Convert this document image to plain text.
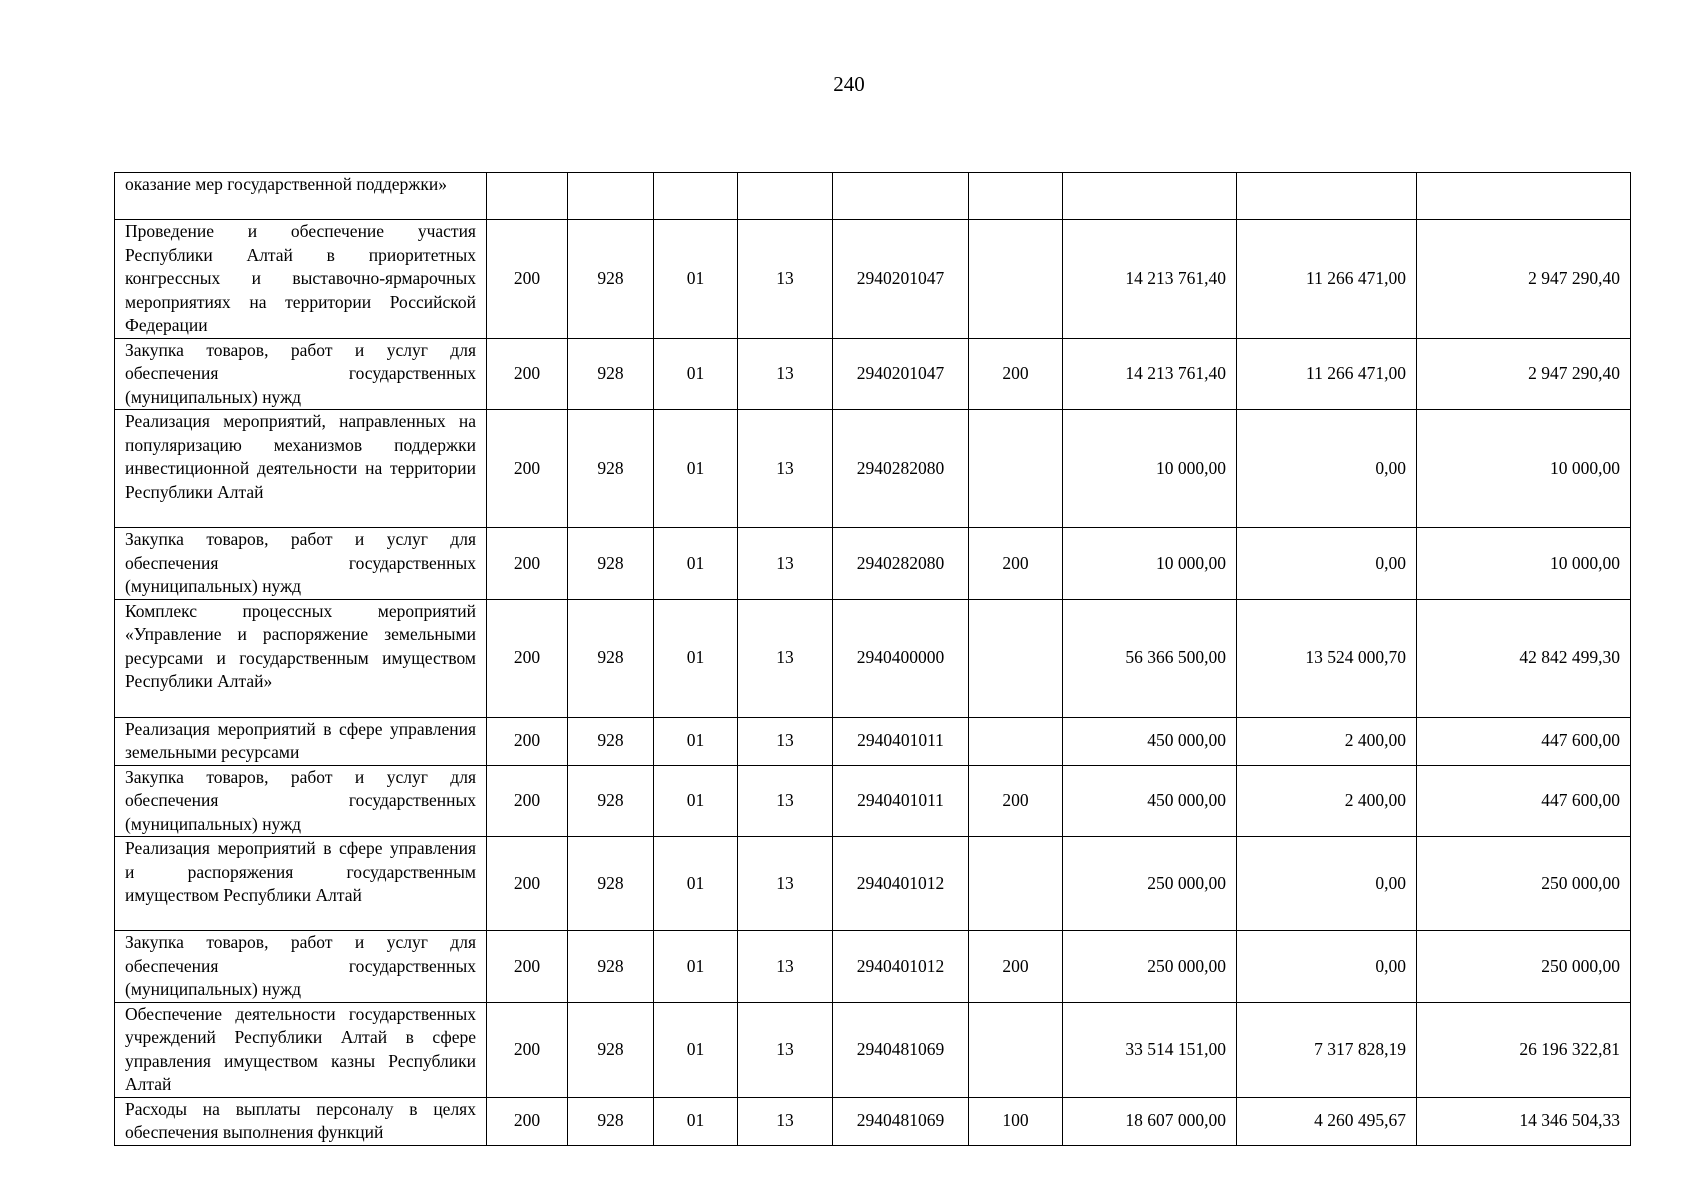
240
оказание мер государственной поддержки»									

Проведение и обеспечение участия Республики Алтай в приоритетных конгрессных и выставочно-ярмарочных мероприятиях на территории Российской Федерации	200	928	01	13	2940201047		14 213 761,40	11 266 471,00	2 947 290,40

Закупка товаров, работ и услуг для обеспечения государственных (муниципальных) нужд	200	928	01	13	2940201047	200	14 213 761,40	11 266 471,00	2 947 290,40

Реализация мероприятий, направленных на популяризацию механизмов поддержки инвестиционной деятельности на территории Республики Алтай	200	928	01	13	2940282080		10 000,00	0,00	10 000,00

Закупка товаров, работ и услуг для обеспечения государственных (муниципальных) нужд	200	928	01	13	2940282080	200	10 000,00	0,00	10 000,00

Комплекс процессных мероприятий «Управление и распоряжение земельными ресурсами и государственным имуществом Республики Алтай»	200	928	01	13	2940400000		56 366 500,00	13 524 000,70	42 842 499,30

Реализация мероприятий в сфере управления земельными ресурсами	200	928	01	13	2940401011		450 000,00	2 400,00	447 600,00

Закупка товаров, работ и услуг для обеспечения государственных (муниципальных) нужд	200	928	01	13	2940401011	200	450 000,00	2 400,00	447 600,00

Реализация мероприятий в сфере управления и распоряжения государственным имуществом Республики Алтай	200	928	01	13	2940401012		250 000,00	0,00	250 000,00

Закупка товаров, работ и услуг для обеспечения государственных (муниципальных) нужд	200	928	01	13	2940401012	200	250 000,00	0,00	250 000,00

Обеспечение деятельности государственных учреждений Республики Алтай в сфере управления имуществом казны Республики Алтай	200	928	01	13	2940481069		33 514 151,00	7 317 828,19	26 196 322,81

Расходы на выплаты персоналу в целях обеспечения выполнения функций	200	928	01	13	2940481069	100	18 607 000,00	4 260 495,67	14 346 504,33
